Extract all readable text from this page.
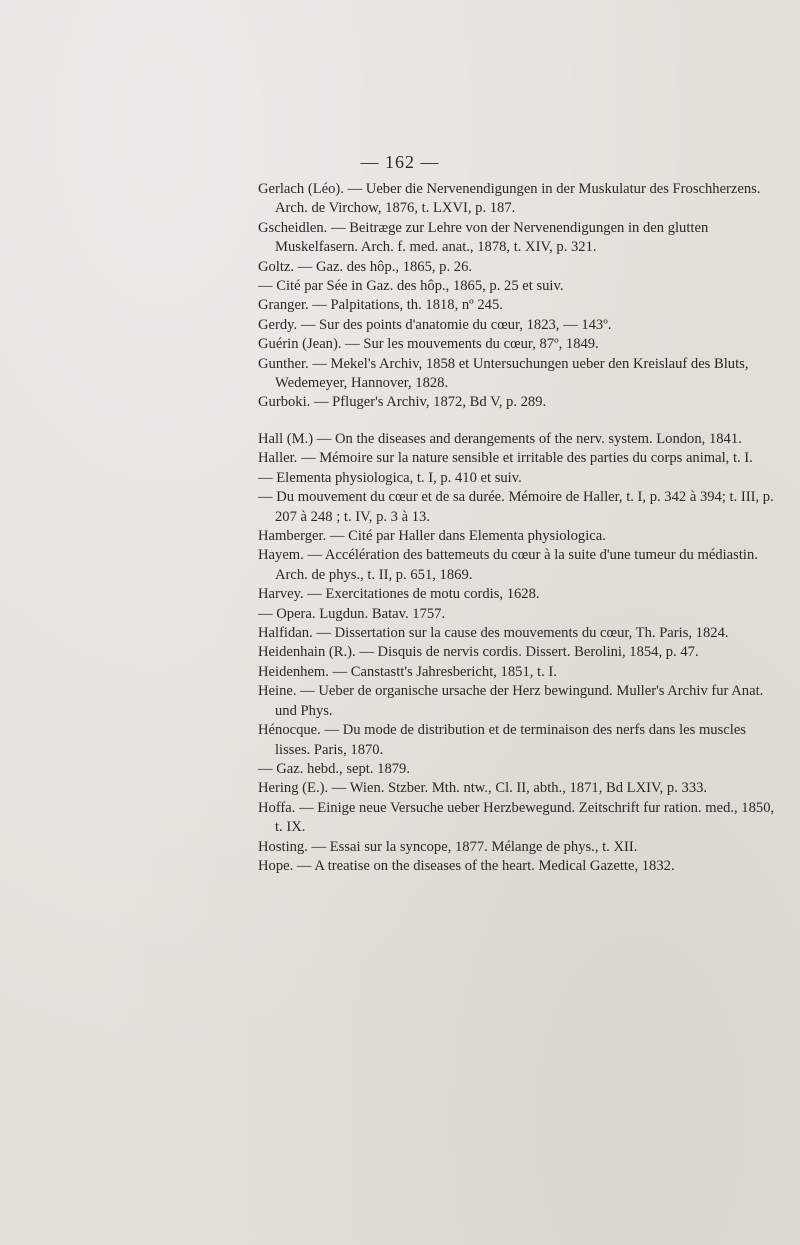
— 162 —

Gerlach (Léo). — Ueber die Nervenendigungen in der Muskulatur des Froschherzens. Arch. de Virchow, 1876, t. LXVI, p. 187.

Gscheidlen. — Beitræge zur Lehre von der Nervenendigungen in den glutten Muskelfasern. Arch. f. med. anat., 1878, t. XIV, p. 321.

Goltz. — Gaz. des hôp., 1865, p. 26.

— Cité par Sée in Gaz. des hôp., 1865, p. 25 et suiv.

Granger. — Palpitations, th. 1818, nº 245.

Gerdy. — Sur des points d'anatomie du cœur, 1823, — 143º.

Guérin (Jean). — Sur les mouvements du cœur, 87º, 1849.

Gunther. — Mekel's Archiv, 1858 et Untersuchungen ueber den Kreislauf des Bluts, Wedemeyer, Hannover, 1828.

Gurboki. — Pfluger's Archiv, 1872, Bd V, p. 289.

Hall (M.) — On the diseases and derangements of the nerv. system. London, 1841.

Haller. — Mémoire sur la nature sensible et irritable des parties du corps animal, t. I.

— Elementa physiologica, t. I, p. 410 et suiv.

— Du mouvement du cœur et de sa durée. Mémoire de Haller, t. I, p. 342 à 394; t. III, p. 207 à 248 ; t. IV, p. 3 à 13.

Hamberger. — Cité par Haller dans Elementa physiologica.

Hayem. — Accélération des battemeuts du cœur à la suite d'une tumeur du médiastin. Arch. de phys., t. II, p. 651, 1869.

Harvey. — Exercitationes de motu cordis, 1628.

— Opera. Lugdun. Batav. 1757.

Halfidan. — Dissertation sur la cause des mouvements du cœur, Th. Paris, 1824.

Heidenhain (R.). — Disquis de nervis cordis. Dissert. Berolini, 1854, p. 47.

Heidenhem. — Canstastt's Jahresbericht, 1851, t. I.

Heine. — Ueber de organische ursache der Herz bewingund. Muller's Archiv fur Anat. und Phys.

Hénocque. — Du mode de distribution et de terminaison des nerfs dans les muscles lisses. Paris, 1870.

— Gaz. hebd., sept. 1879.

Hering (E.). — Wien. Stzber. Mth. ntw., Cl. II, abth., 1871, Bd LXIV, p. 333.

Hoffa. — Einige neue Versuche ueber Herzbewegund. Zeitschrift fur ration. med., 1850, t. IX.

Hosting. — Essai sur la syncope, 1877. Mélange de phys., t. XII.

Hope. — A treatise on the diseases of the heart. Medical Gazette, 1832.
